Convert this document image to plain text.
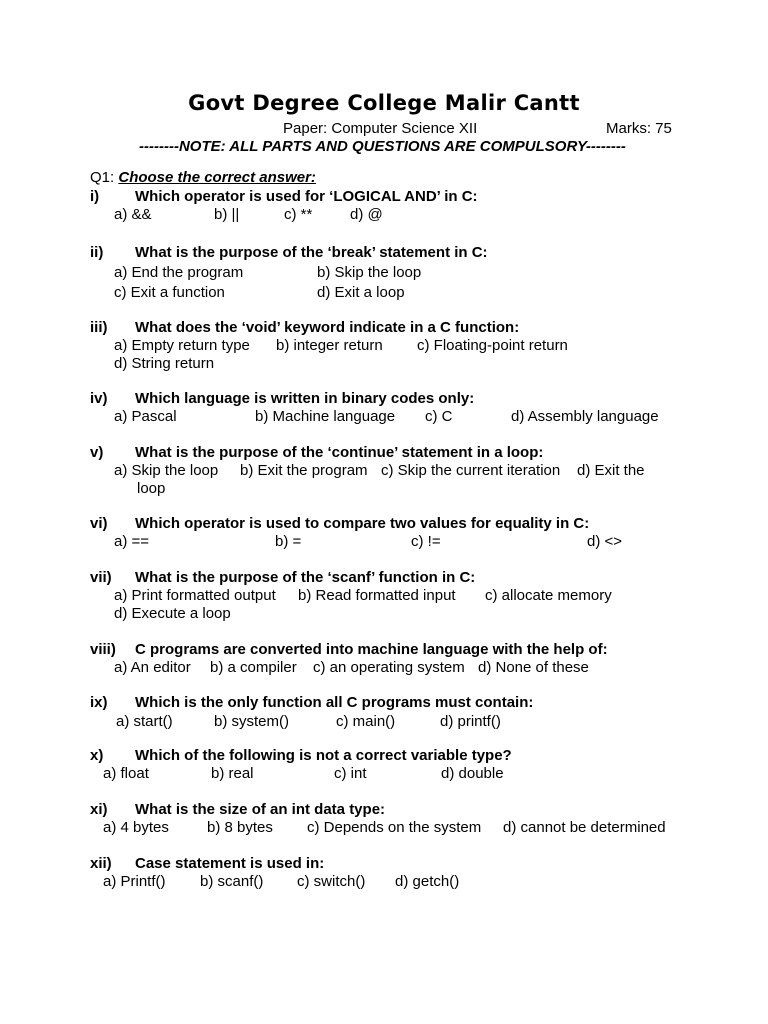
Govt Degree College Malir Cantt
Paper: Computer Science XII	Marks: 75
--------NOTE: ALL PARTS AND QUESTIONS ARE COMPULSORY--------
Q1: Choose the correct answer:
i) Which operator is used for ‘LOGICAL AND’ in C:
a) &&	b) ||	c) **	d) @
ii) What is the purpose of the ‘break’ statement in C:
a) End the program	b) Skip the loop
c) Exit a function	d) Exit a loop
iii) What does the ‘void’ keyword indicate in a C function:
a) Empty return type b) integer return c) Floating-point return
d) String return
iv) Which language is written in binary codes only:
a) Pascal	b) Machine language c) C	d) Assembly language
v) What is the purpose of the ‘continue’ statement in a loop:
a) Skip the loop b) Exit the program c) Skip the current iteration d) Exit the
loop
vi) Which operator is used to compare two values for equality in C:
a) ==	b) =	c) !=	d) <>
vii) What is the purpose of the ‘scanf’ function in C:
a) Print formatted output b) Read formatted input c) allocate memory
d) Execute a loop
viii) C programs are converted into machine language with the help of:
a) An editor b) a compiler c) an operating system d) None of these
ix) Which is the only function all C programs must contain:
a) start()	b) system()	c) main()	d) printf()
x) Which of the following is not a correct variable type?
a) float	b) real	c) int	d) double
xi) What is the size of an int data type:
a) 4 bytes	b) 8 bytes c) Depends on the system d) cannot be determined
xii) Case statement is used in:
a) Printf() b) scanf() c) switch() d) getch()
